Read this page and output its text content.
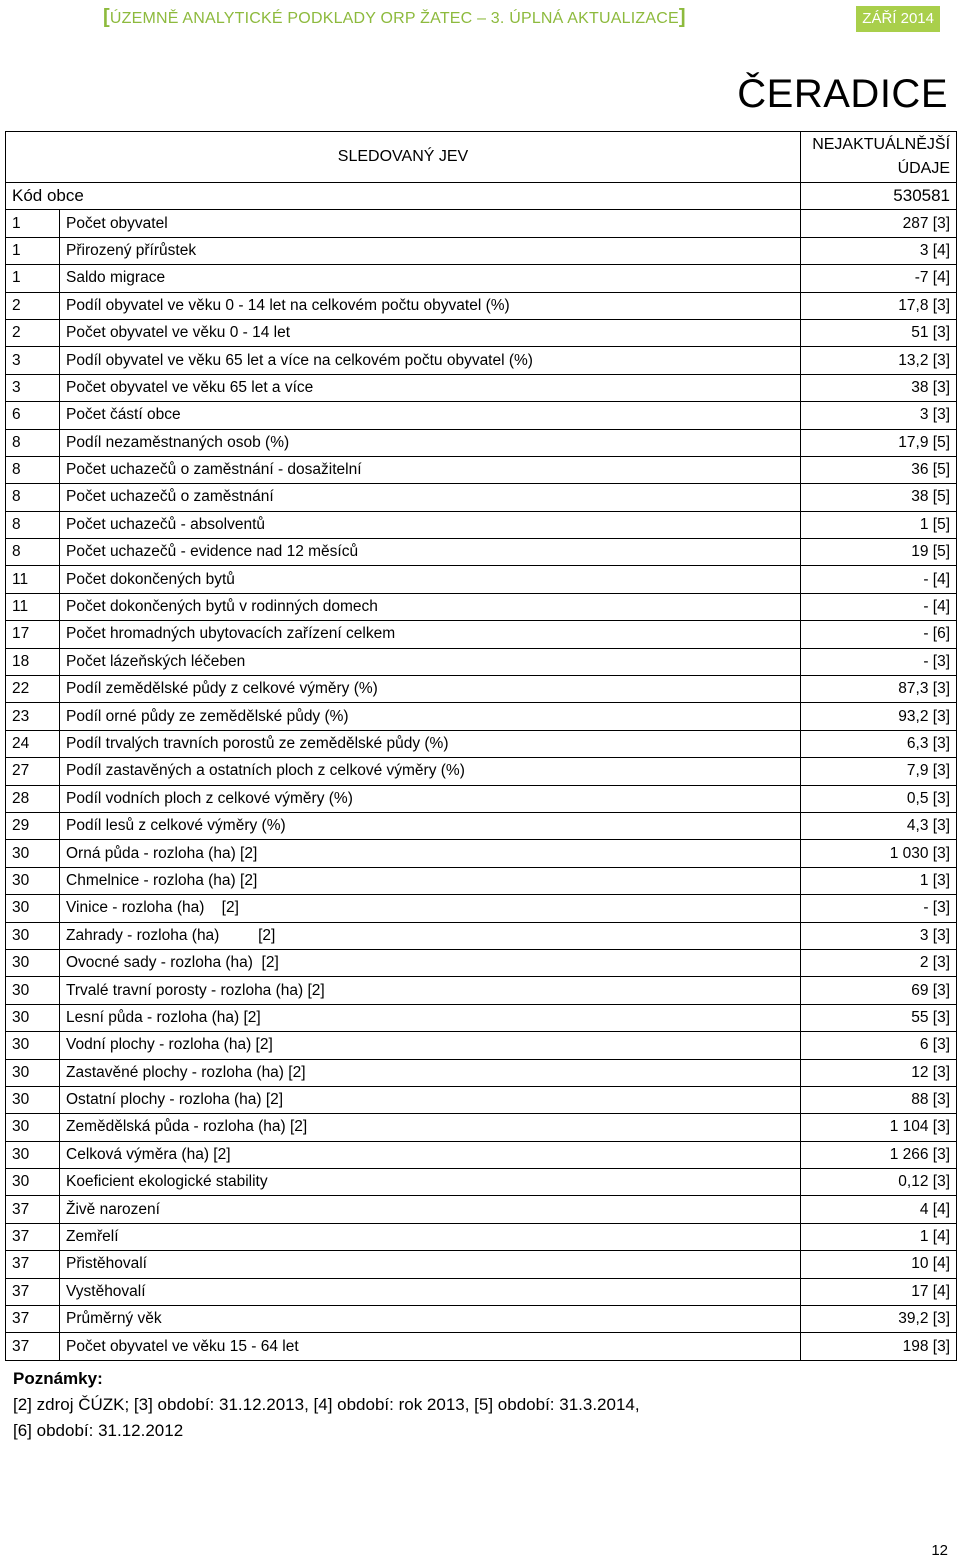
[ÚZEMNĚ ANALYTICKÉ PODKLADY ORP ŽATEC – 3. ÚPLNÁ AKTUALIZACE]	ZÁŘÍ 2014
ČERADICE
SLEDOVANÝ JEV		NEJAKTUÁLNĚJŠÍ
ÚDAJE

Kód obce		530581
1	Počet obyvatel	287 [3]
1	Přirozený přírůstek	3 [4]
1	Saldo migrace	-7 [4]
2	Podíl obyvatel ve věku 0 - 14 let na celkovém počtu obyvatel (%)	17,8 [3]
2	Počet obyvatel ve věku 0 - 14 let	51 [3]
3	Podíl obyvatel ve věku 65 let a více na celkovém počtu obyvatel (%)	13,2 [3]
3	Počet obyvatel ve věku 65 let a více	38 [3]
6	Počet částí obce	3 [3]
8	Podíl nezaměstnaných osob (%)	17,9 [5]
8	Počet uchazečů o zaměstnání - dosažitelní	36 [5]
8	Počet uchazečů o zaměstnání	38 [5]
8	Počet uchazečů - absolventů	1 [5]
8	Počet uchazečů - evidence nad 12 měsíců	19 [5]
11	Počet dokončených bytů	- [4]
11	Počet dokončených bytů v rodinných domech	- [4]
17	Počet hromadných ubytovacích zařízení celkem	- [6]
18	Počet lázeňských léčeben	- [3]
22	Podíl zemědělské půdy z celkové výměry (%)	87,3 [3]
23	Podíl orné půdy ze zemědělské půdy (%)	93,2 [3]
24	Podíl trvalých travních porostů ze zemědělské půdy (%)	6,3 [3]
27	Podíl zastavěných a ostatních ploch z celkové výměry (%)	7,9 [3]
28	Podíl vodních ploch z celkové výměry (%)	0,5 [3]
29	Podíl lesů z celkové výměry (%)	4,3 [3]
30	Orná půda - rozloha (ha) [2]	1 030 [3]
30	Chmelnice - rozloha (ha) [2]	1 [3]
30	Vinice - rozloha (ha)    [2]	- [3]
30	Zahrady - rozloha (ha)         [2]	3 [3]
30	Ovocné sady - rozloha (ha)  [2]	2 [3]
30	Trvalé travní porosty - rozloha (ha) [2]	69 [3]
30	Lesní půda - rozloha (ha) [2]	55 [3]
30	Vodní plochy - rozloha (ha) [2]	6 [3]
30	Zastavěné plochy - rozloha (ha) [2]	12 [3]
30	Ostatní plochy - rozloha (ha) [2]	88 [3]
30	Zemědělská půda - rozloha (ha) [2]	1 104 [3]
30	Celková výměra (ha) [2]	1 266 [3]
30	Koeficient ekologické stability	0,12 [3]
37	Živě narození	4 [4]
37	Zemřelí	1 [4]
37	Přistěhovalí	10 [4]
37	Vystěhovalí	17 [4]
37	Průměrný věk	39,2 [3]
37	Počet obyvatel ve věku 15 - 64 let	198 [3]
Poznámky:
[2] zdroj ČÚZK; [3] období: 31.12.2013, [4] období: rok 2013, [5] období: 31.3.2014,
[6] období: 31.12.2012
12
